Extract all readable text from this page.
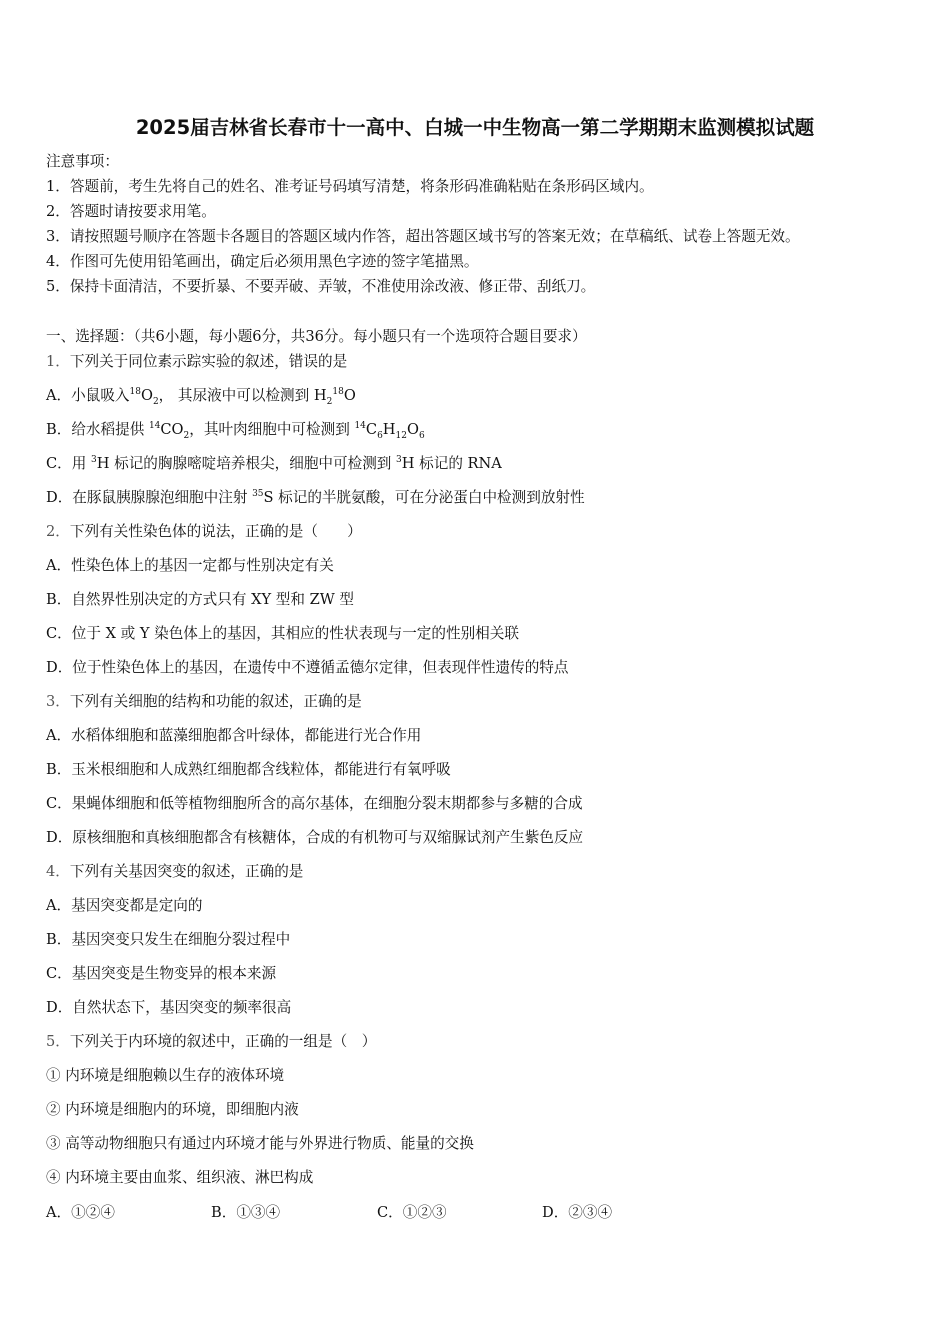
2025届吉林省长春市十一高中、白城一中生物高一第二学期期末监测模拟试题
注意事项：
1．答题前，考生先将自己的姓名、准考证号码填写清楚，将条形码准确粘贴在条形码区域内。
2．答题时请按要求用笔。
3．请按照题号顺序在答题卡各题目的答题区域内作答，超出答题区域书写的答案无效；在草稿纸、试卷上答题无效。
4．作图可先使用铅笔画出，确定后必须用黑色字迹的签字笔描黑。
5．保持卡面清洁，不要折暴、不要弄破、弄皱，不准使用涂改液、修正带、刮纸刀。
一、选择题：（共6小题，每小题6分，共36分。每小题只有一个选项符合题目要求）
1．下列关于同位素示踪实验的叙述，错误的是
A．小鼠吸入$^{18}O_2$， 其尿液中可以检测到 $H_2^{18}O$
B．给水稻提供 $^{14}CO_2$，其叶肉细胞中可检测到 $^{14}C_6H_{12}O_6$
C．用 $^3$H 标记的胸腺嘧啶培养根尖，细胞中可检测到 $^3$H 标记的 RNA
D．在豚鼠胰腺腺泡细胞中注射 $^{35}$S 标记的半胱氨酸，可在分泌蛋白中检测到放射性
2．下列有关性染色体的说法，正确的是（　　）
A．性染色体上的基因一定都与性别决定有关
B．自然界性别决定的方式只有 XY 型和 ZW 型
C．位于 X 或 Y 染色体上的基因，其相应的性状表现与一定的性别相关联
D．位于性染色体上的基因，在遗传中不遵循孟德尔定律，但表现伴性遗传的特点
3．下列有关细胞的结构和功能的叙述，正确的是
A．水稻体细胞和蓝藻细胞都含叶绿体，都能进行光合作用
B．玉米根细胞和人成熟红细胞都含线粒体，都能进行有氧呼吸
C．果蝇体细胞和低等植物细胞所含的高尔基体，在细胞分裂末期都参与多糖的合成
D．原核细胞和真核细胞都含有核糖体，合成的有机物可与双缩脲试剂产生紫色反应
4．下列有关基因突变的叙述，正确的是
A．基因突变都是定向的
B．基因突变只发生在细胞分裂过程中
C．基因突变是生物变异的根本来源
D．自然状态下，基因突变的频率很高
5．下列关于内环境的叙述中，正确的一组是（　）
① 内环境是细胞赖以生存的液体环境
② 内环境是细胞内的环境，即细胞内液
③ 高等动物细胞只有通过内环境才能与外界进行物质、能量的交换
④ 内环境主要由血浆、组织液、淋巴构成
A．①②④	B．①③④	C．①②③	D．②③④
